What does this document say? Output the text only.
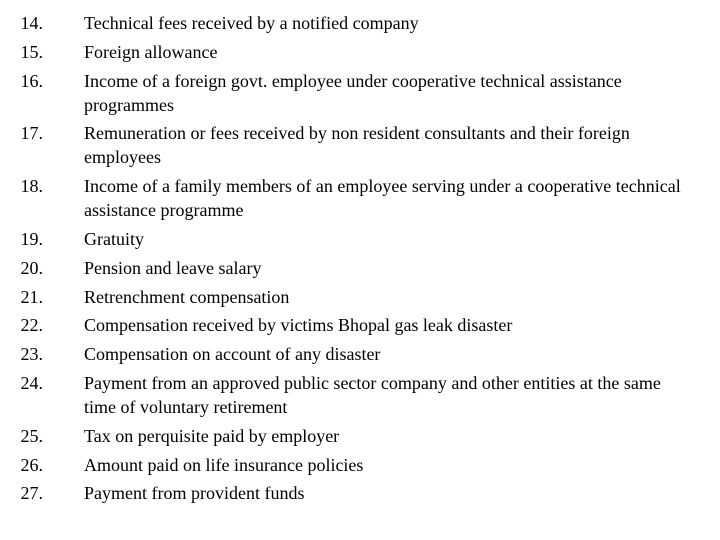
14. Technical fees received by a notified company
15. Foreign allowance
16. Income of a foreign govt. employee under cooperative technical assistance programmes
17. Remuneration or fees received by non resident consultants and their foreign employees
18. Income of a family members of an employee serving under a cooperative technical assistance programme
19. Gratuity
20. Pension and leave salary
21. Retrenchment compensation
22. Compensation received by victims Bhopal gas leak disaster
23. Compensation on account of any disaster
24. Payment from an approved public sector company and other entities at the same time of voluntary retirement
25. Tax on perquisite paid by employer
26. Amount paid on life insurance policies
27. Payment from provident funds
